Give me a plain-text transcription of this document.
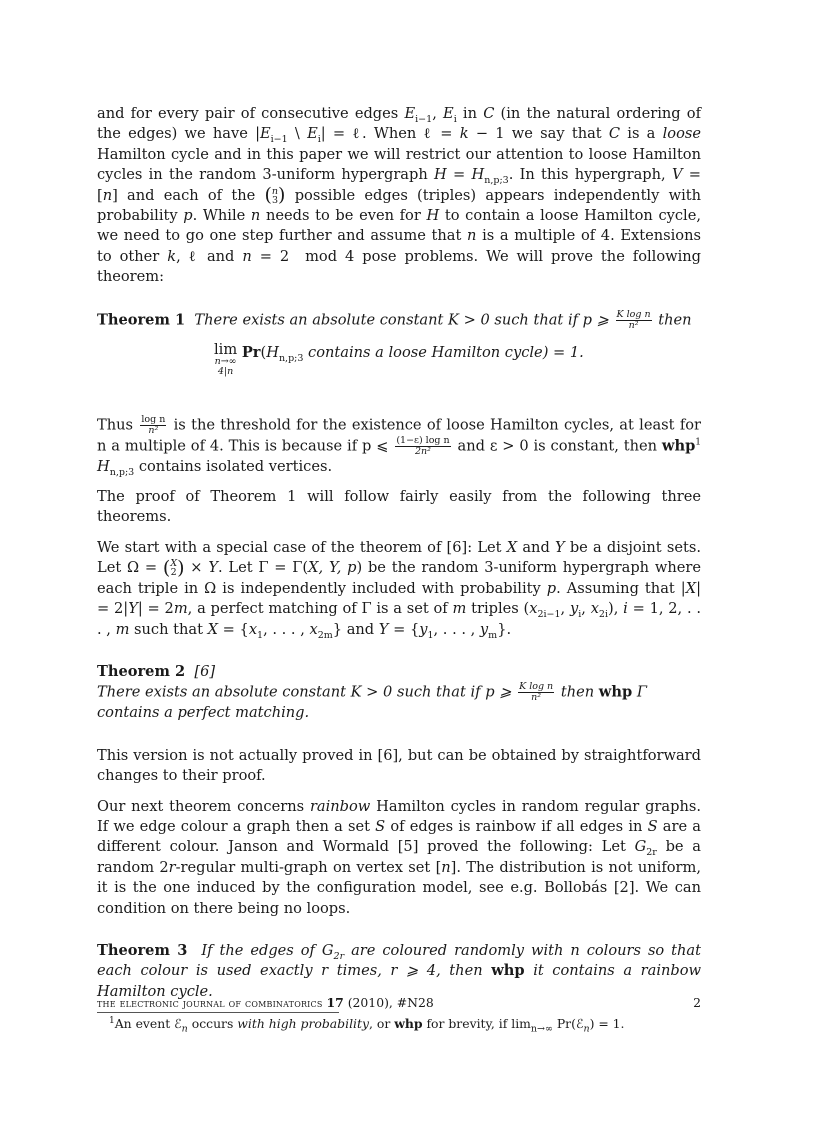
and for every pair of consecutive edges $E_{i-1}$, $E_i$ in C (in the natural ordering of the edges) we have $|E_{i-1}$ \ $E_i|$ = ℓ. When ℓ = k − 1 we say that C is a loose Hamilton cycle and in this paper we will restrict our attention to loose Hamilton cycles in the random 3-uniform hypergraph $H = H_{n,p;3}$. In this hypergraph, V = [n] and each of the ( n
3 ) possible edges (triples) appears independently with probability p. While n needs to be even for H to contain a loose Hamilton cycle, we need to go one step further and assume that n is a multiple of 4. Extensions to other k, ℓ and n = 2  mod 4 pose problems. We will prove the following theorem:

Theorem 1 There exists an absolute constant K > 0 such that if p ⩾ $\frac{\text{K log n}}{\text{n²}}$ then

lim
n→∞
4|n
$Pr(H_{n,p;3}$ contains a loose Hamilton cycle) = 1.

Thus $\frac{\text{log n}}{\text{n²}}$ is the threshold for the existence of loose Hamilton cycles, at least for n a multiple of 4. This is because if p ⩽ $\frac{\text{(1−ε) log n}}{\text{2n²}}$ and ε > 0 is constant, then whp$^1$ $H_{n,p;3}$ contains isolated vertices.

The proof of Theorem 1 will follow fairly easily from the following three theorems.

We start with a special case of the theorem of [6]: Let X and Y be a disjoint sets. Let Ω = ( X
2 ) × Y. Let Γ = Γ(X, Y, p) be the random 3-uniform hypergraph where each triple in Ω is independently included with probability p. Assuming that |X| = 2|Y| = 2m, a perfect matching of Γ is a set of m triples ($x_{2i-1}$, $y_i$, $x_{2i}$), i = 1, 2, . . . , m such that $X = \{x_1$, . . . , $x_{2m}$} and $Y = \{y_1$, . . . , $y_m$}.

Theorem 2 [6]
There exists an absolute constant K > 0 such that if p ⩾ $\frac{\text{K log n}}{\text{n²}}$ then whp Γ contains a perfect matching.

This version is not actually proved in [6], but can be obtained by straightforward changes to their proof.

Our next theorem concerns rainbow Hamilton cycles in random regular graphs. If we edge colour a graph then a set S of edges is rainbow if all edges in S are a different colour. Janson and Wormald [5] proved the following: Let $G_{2r}$ be a random 2r-regular multi-graph on vertex set [n]. The distribution is not uniform, it is the one induced by the configuration model, see e.g. Bollobás [2]. We can condition on there being no loops.

Theorem 3 If the edges of $G_{2r}$ are coloured randomly with n colours so that each colour is used exactly r times, r ⩾ 4, then whp it contains a rainbow Hamilton cycle.

$^1$An event ℰ$_n$ occurs with high probability, or whp for brevity, if $\lim_{n\to\infty}$ Pr(ℰ$_n$) = 1.
the electronic journal of combinatorics 17 (2010), #N28	2
